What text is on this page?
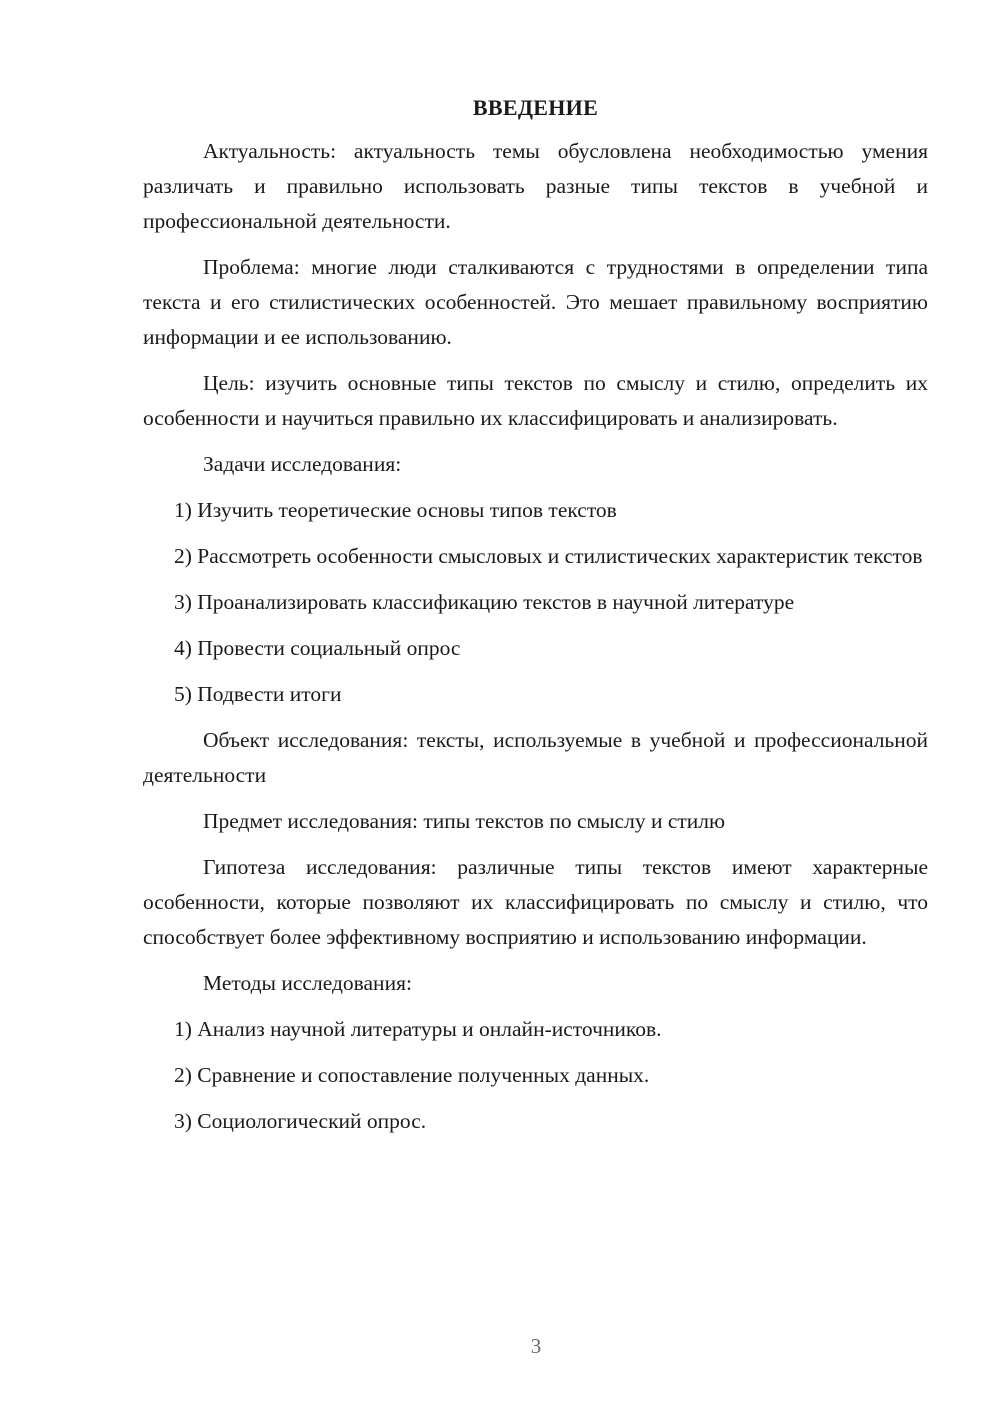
ВВЕДЕНИЕ

Актуальность: актуальность темы обусловлена необходимостью умения различать и правильно использовать разные типы текстов в учебной и профессиональной деятельности.

Проблема: многие люди сталкиваются с трудностями в определении типа текста и его стилистических особенностей. Это мешает правильному восприятию информации и ее использованию.

Цель: изучить основные типы текстов по смыслу и стилю, определить их особенности и научиться правильно их классифицировать и анализировать.

Задачи исследования:

1) Изучить теоретические основы типов текстов

2) Рассмотреть особенности смысловых и стилистических характеристик текстов

3) Проанализировать классификацию текстов в научной литературе

4) Провести социальный опрос

5) Подвести итоги

Объект исследования: тексты, используемые в учебной и профессиональной деятельности

Предмет исследования: типы текстов по смыслу и стилю

Гипотеза исследования: различные типы текстов имеют характерные особенности, которые позволяют их классифицировать по смыслу и стилю, что способствует более эффективному восприятию и использованию информации.

Методы исследования:

1) Анализ научной литературы и онлайн-источников.

2) Сравнение и сопоставление полученных данных.

3) Социологический опрос.

3
